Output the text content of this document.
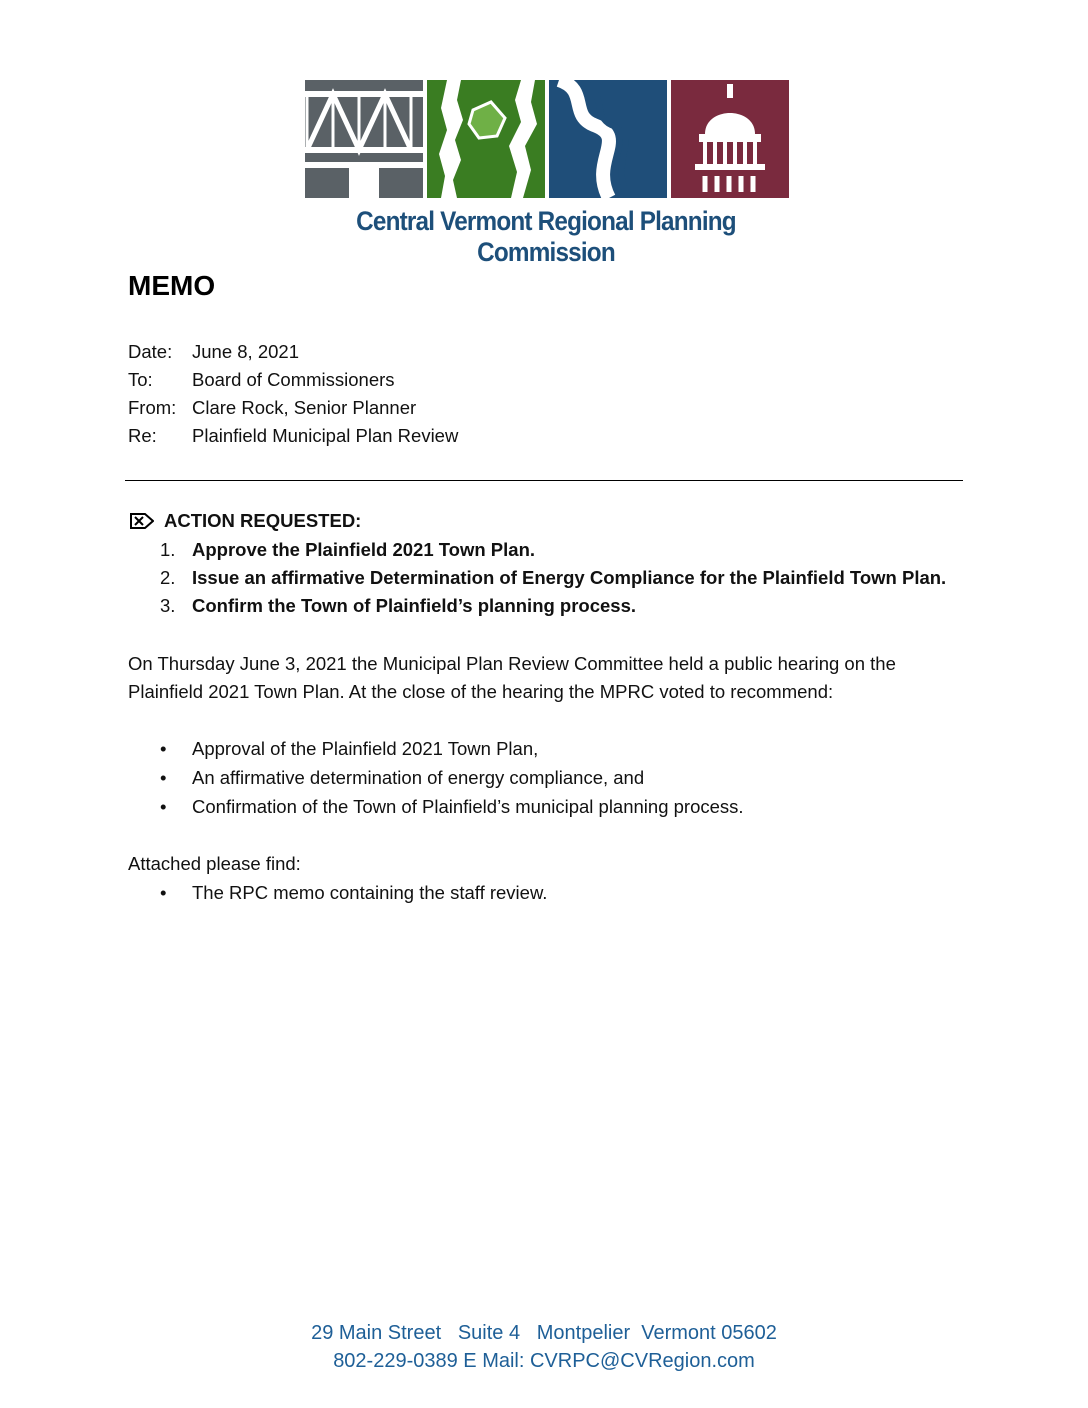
Central Vermont Regional Planning Commission
MEMO
Date: June 8, 2021
To: Board of Commissioners
From: Clare Rock, Senior Planner
Re: Plainfield Municipal Plan Review
ACTION REQUESTED:
1. Approve the Plainfield 2021 Town Plan.
2. Issue an affirmative Determination of Energy Compliance for the Plainfield Town Plan.
3. Confirm the Town of Plainfield’s planning process.
On Thursday June 3, 2021 the Municipal Plan Review Committee held a public hearing on the Plainfield 2021 Town Plan. At the close of the hearing the MPRC voted to recommend:
•
Approval of the Plainfield 2021 Town Plan,
•
An affirmative determination of energy compliance, and
•
Confirmation of the Town of Plainfield’s municipal planning process.
Attached please find:
•
The RPC memo containing the staff review.
29 Main Street   Suite 4   Montpelier  Vermont 05602
802-229-0389 E Mail: CVRPC@CVRegion.com
